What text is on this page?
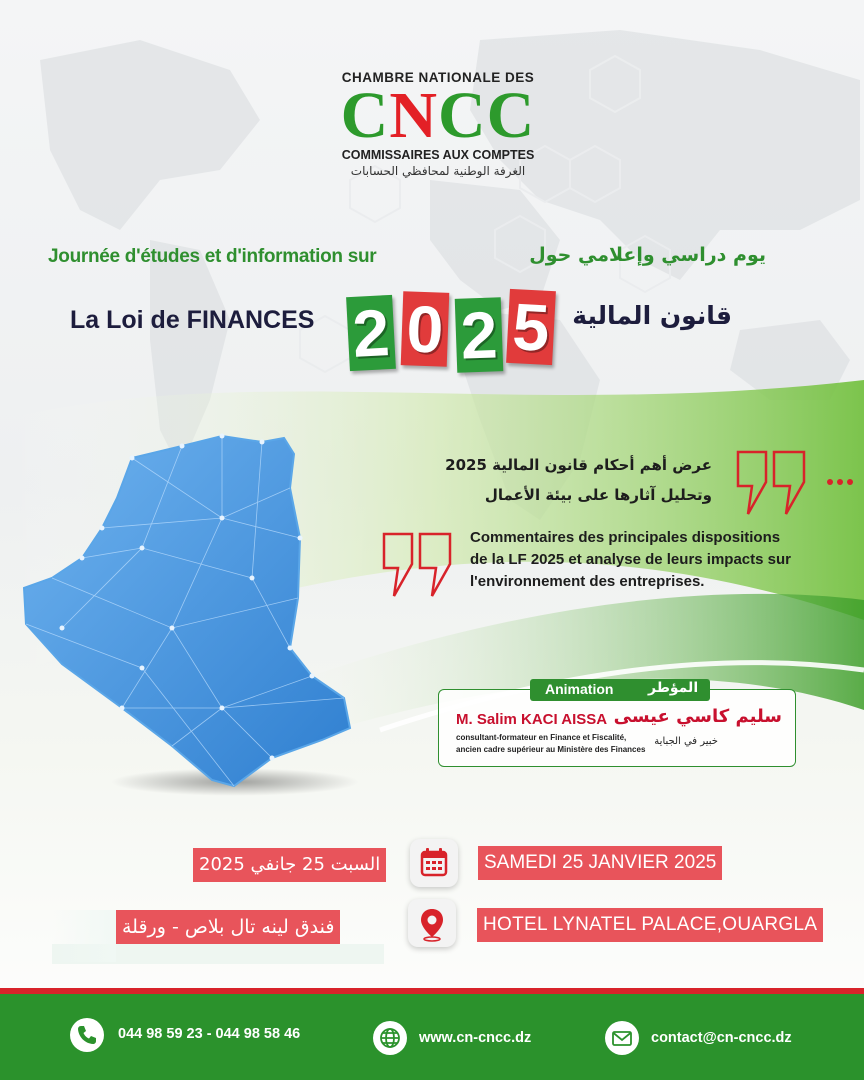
CHAMBRE NATIONALE DES
CNCC
COMMISSAIRES AUX COMPTES
الغرفة الوطنية لمحافظي الحسابات
Journée d'études et d'information sur	يوم دراسي وإعلامي حول
La Loi de FINANCES	قانون المالية
2 0 2 5
عرض أهم أحكام قانون المالية 2025
وتحليل آثارها على بيئة الأعمال
Commentaires des principales dispositions
de la LF 2025 et analyse de leurs impacts sur
l'environnement des entreprises.
Animation المؤطر
M. Salim KACI AISSA
consultant-formateur en Finance et Fiscalité,
ancien cadre supérieur au Ministère des Finances
سليم كاسي عيسى
خبير في الجباية
السبت 25 جانفي 2025	SAMEDI 25 JANVIER 2025
فندق لينه تال بلاص - ورقلة	HOTEL LYNATEL PALACE,OUARGLA
044 98 59 23 - 044 98 58 46	www.cn-cncc.dz	contact@cn-cncc.dz
